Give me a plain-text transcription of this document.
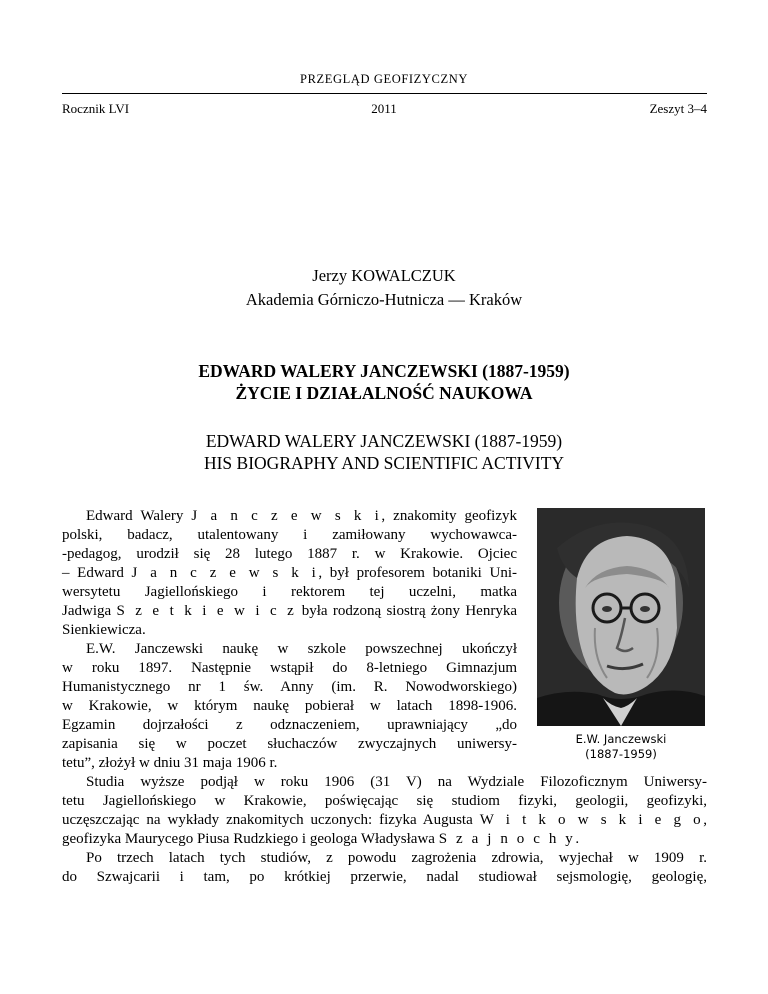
PRZEGLĄD GEOFIZYCZNY
Rocznik LVI	2011	Zeszyt 3–4
Jerzy KOWALCZUK
Akademia Górniczo-Hutnicza — Kraków
EDWARD WALERY JANCZEWSKI (1887-1959)
ŻYCIE I DZIAŁALNOŚĆ NAUKOWA
EDWARD WALERY JANCZEWSKI (1887-1959)
HIS BIOGRAPHY AND SCIENTIFIC ACTIVITY
E.W. Janczewski
(1887-1959)
Edward Walery J a n c z e w s k i, znakomity geofizyk
polski, badacz, utalentowany i zamiłowany wychowawca-
-pedagog, urodził się 28 lutego 1887 r. w Krakowie. Ojciec
– Edward J a n c z e w s k i, był profesorem botaniki Uni-
wersytetu Jagiellońskiego i rektorem tej uczelni, matka
Jadwiga S z e t k i e w i c z była rodzoną siostrą żony Henryka
Sienkiewicza.
E.W. Janczewski naukę w szkole powszechnej ukończył
w roku 1897. Następnie wstąpił do 8-letniego Gimnazjum
Humanistycznego nr 1 św. Anny (im. R. Nowodworskiego)
w Krakowie, w którym naukę pobierał w latach 1898-1906.
Egzamin dojrzałości z odznaczeniem, uprawniający „do
zapisania się w poczet słuchaczów zwyczajnych uniwersy-
tetu”, złożył w dniu 31 maja 1906 r.
Studia wyższe podjął w roku 1906 (31 V) na Wydziale Filozoficznym Uniwersy-
tetu Jagiellońskiego w Krakowie, poświęcając się studiom fizyki, geologii, geofizyki,
uczęszczając na wykłady znakomitych uczonych: fizyka Augusta W i t k o w s k i e g o,
geofizyka Maurycego Piusa Rudzkiego i geologa Władysława S z a j n o c h y.
Po trzech latach tych studiów, z powodu zagrożenia zdrowia, wyjechał w 1909 r.
do Szwajcarii i tam, po krótkiej przerwie, nadal studiował sejsmologię, geologię,
